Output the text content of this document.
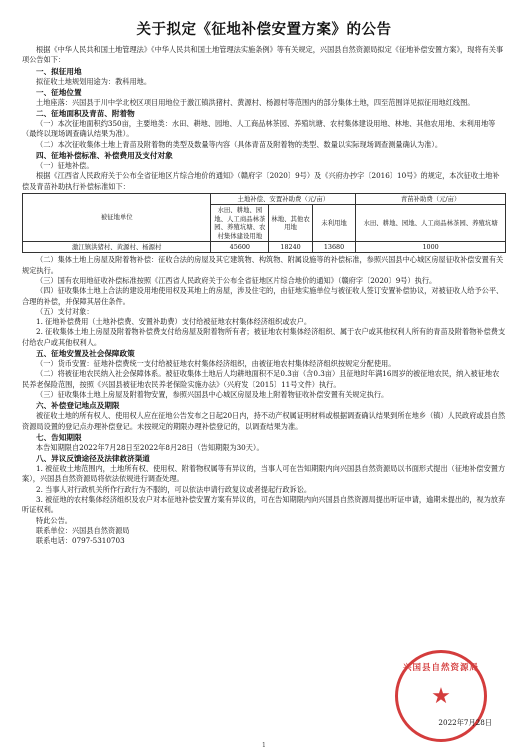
关于拟定《征地补偿安置方案》的公告

根据《中华人民共和国土地管理法》《中华人民共和国土地管理法实施条例》等有关规定，兴国县自然资源局拟定《征地补偿安置方案》，现将有关事项公告如下：

一、拟征用地

拟征收土地规划用途为：教科用地。

一、征地位置

土地座落：兴国县于川中学北校区项目用地位于激江镇洪猪村、黄源村、杨源村等范围内的部分集体土地，四至范围详见拟征用地红线图。

二、征地面积及青苗、附着物

（一）本次征地面积约350亩，主要地类：水田、耕地、园地、人工商品林茶园、养殖坑塘、农村集体建设用地、林地、其他农用地、未利用地等（最终以现场调查确认结果为准）。

（二）本次征收集体土地上青苗及附着物的类型及数量等内容（具体青苗及附着物的类型、数量以实际现场调查测量确认为准）。

四、征地补偿标准、补偿费用及支付对象

（一）征地补偿。

根据《江西省人民政府关于公布全省征地区片综合地价的通知》（赣府字〔2020〕9号）及《兴府办抄字〔2016〕10号》的规定，本次征收土地补偿及青苗补助执行补偿标准如下：

被征地单位	土地补偿、安置补助费（元/亩）			青苗补助费（元/亩）
	水田、耕地、园地、人工商品林茶园、养殖坑塘、农村集体建设用地	林地、其他农用地	未利用地	水田、耕地、园地、人工商品林茶园、养殖坑塘
激江镇洪猪村、黄源村、杨源村	45600	18240	13680	1000

（二）集体土地上房屋及附着物补偿：征收合法的房屋及其它建筑物、构筑物、附属设施等的补偿标准，参照兴国县中心城区房屋征收补偿安置有关规定执行。

（三）国有农用地征收补偿标准按照《江西省人民政府关于公布全省征地区片综合地价的通知》（赣府字〔2020〕9号）执行。

（四）征收集体土地上合法的建设用地使用权及其地上的房屋，涉及住宅的，由征地实施单位与被征收人签订安置补偿协议，对被征收人给予公平、合理的补偿，并保障其居住条件。

（五）支付对象：

1. 征地补偿费用（土地补偿费、安置补助费）支付给被征地农村集体经济组织或农户。

2. 征收集体土地上房屋及附着物补偿费支付给房屋及附着物所有者；被征地农村集体经济组织、属于农户或其他权利人所有的青苗及附着物补偿费支付给农户或其他权利人。

五、征地安置及社会保障政策

（一）货币安置：征地补偿费统一支付给被征地农村集体经济组织，由被征地农村集体经济组织按规定分配使用。

（二）将被征地农民纳入社会保障体系。被征收集体土地后人均耕地面积不足0.3亩（含0.3亩）且征地时年满16周岁的被征地农民，纳入被征地农民养老保险范围，按照《兴国县被征地农民养老保险实施办法》（兴府发〔2015〕11号文件）执行。

（三）征收集体土地上房屋及附着物安置，参照兴国县中心城区房屋及地上附着物征收补偿安置有关规定执行。

六、补偿登记地点及期限

被征收土地的所有权人、使用权人应在征地公告发布之日起20日内，持不动产权属证明材料或根据调查确认结果到所在地乡（镇）人民政府或县自然资源局设置的登记点办理补偿登记。未按规定的期限办理补偿登记的，以调查结果为准。

七、告知期限

本告知期限自2022年7月28日至2022年8月28日（告知期限为30天）。

八、异议反馈途径及法律救济渠道

1. 被征收土地范围内，土地所有权、使用权、附着物权属等有异议的，当事人可在告知期限内向兴国县自然资源局以书面形式提出（征地补偿安置方案），兴国县自然资源局将依法依规进行调查处理。

2. 当事人对行政机关所作行政行为不服的，可以依法申请行政复议或者提起行政诉讼。

3. 被征地的农村集体经济组织及农户对本征地补偿安置方案有异议的，可在告知期限内向兴国县自然资源局提出听证申请，逾期未提出的，视为放弃听证权利。

特此公告。

联系单位：兴国县自然资源局

联系电话：0797-5310703

兴国县自然资源局
★
2022年7月28日
1
